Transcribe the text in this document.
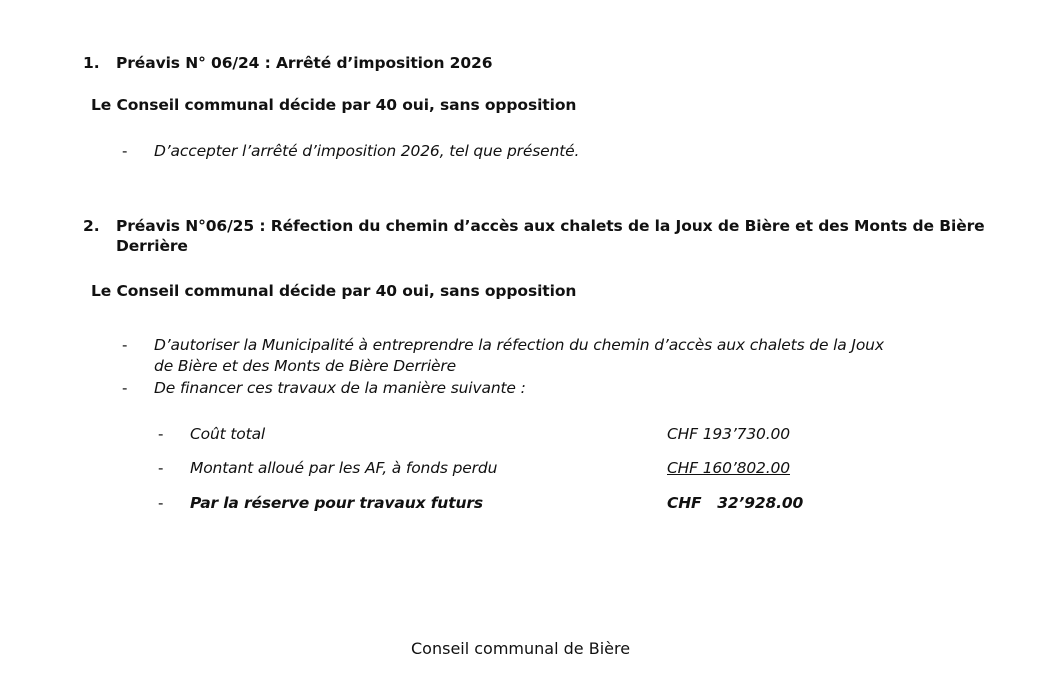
1. Préavis N° 06/24 : Arrêté d’imposition 2026
Le Conseil communal décide par 40 oui, sans opposition
- D’accepter l’arrêté d’imposition 2026, tel que présenté.
2. Préavis N°06/25 : Réfection du chemin d’accès aux chalets de la Joux de Bière et des Monts de Bière
Derrière
Le Conseil communal décide par 40 oui, sans opposition
- D’autoriser la Municipalité à entreprendre la réfection du chemin d’accès aux chalets de la Joux
de Bière et des Monts de Bière Derrière
- De financer ces travaux de la manière suivante :
- Coût total	CHF 193’730.00
- Montant alloué par les AF, à fonds perdu	CHF 160’802.00
- Par la réserve pour travaux futurs	CHF   32’928.00
Conseil communal de Bière
